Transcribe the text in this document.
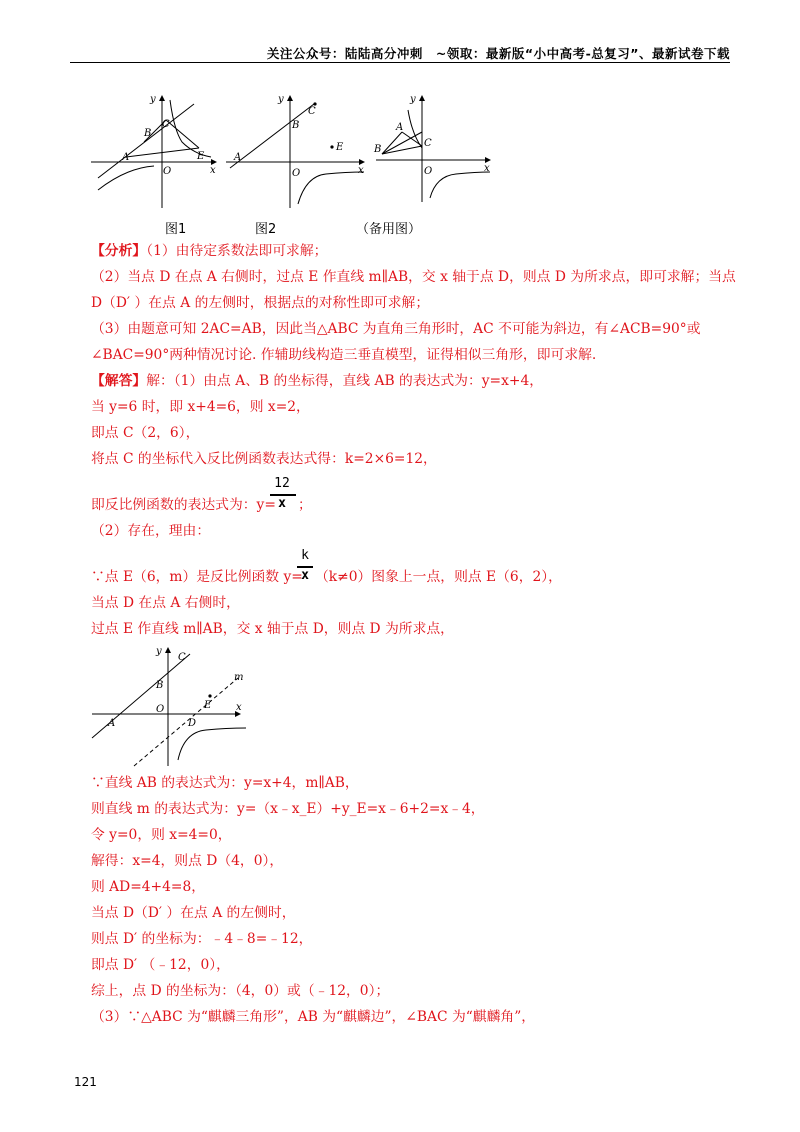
关注公众号：陆陆高分冲刺　~领取：最新版“小中高考-总复习”、最新试卷下载
y
x
A
B
C
E
O
y
x
A
B
C
E
O
y
x
B
A
C
O
图1	图2	（备用图）
【分析】（1）由待定系数法即可求解；
（2）当点 D 在点 A 右侧时，过点 E 作直线 m∥AB，交 x 轴于点 D，则点 D 为所求点，即可求解；当点
D（D′ ）在点 A 的左侧时，根据点的对称性即可求解；
（3）由题意可知 2AC=AB，因此当△ABC 为直角三角形时，AC 不可能为斜边，有∠ACB=90°或
∠BAC=90°两种情况讨论. 作辅助线构造三垂直模型，证得相似三角形，即可求解.
【解答】解：（1）由点 A、B 的坐标得，直线 AB 的表达式为：y=x+4，
当 y=6 时，即 x+4=6，则 x=2，
即点 C（2，6），
将点 C 的坐标代入反比例函数表达式得：k=2×6=12，
即反比例函数的表达式为：y=
12
x ；
（2）存在，理由：
∵点 E（6，m）是反比例函数 y=
k
x （k≠0）图象上一点，则点 E（6，2），
当点 D 在点 A 右侧时，
过点 E 作直线 m∥AB，交 x 轴于点 D，则点 D 为所求点，
y
x
A
B
C
E
D
O
m
∵直线 AB 的表达式为：y=x+4，m∥AB，
则直线 m 的表达式为：y=（x﹣x_E）+y_E=x﹣6+2=x﹣4，
令 y=0，则 x=4=0，
解得：x=4，则点 D（4，0），
则 AD=4+4=8，
当点 D（D′ ）在点 A 的左侧时，
则点 D′ 的坐标为：﹣4﹣8=﹣12，
即点 D′ （﹣12，0），
综上，点 D 的坐标为：（4，0）或（﹣12，0）；
（3）∵△ABC 为“麒麟三角形”，AB 为“麒麟边”，∠BAC 为“麒麟角”，
121
